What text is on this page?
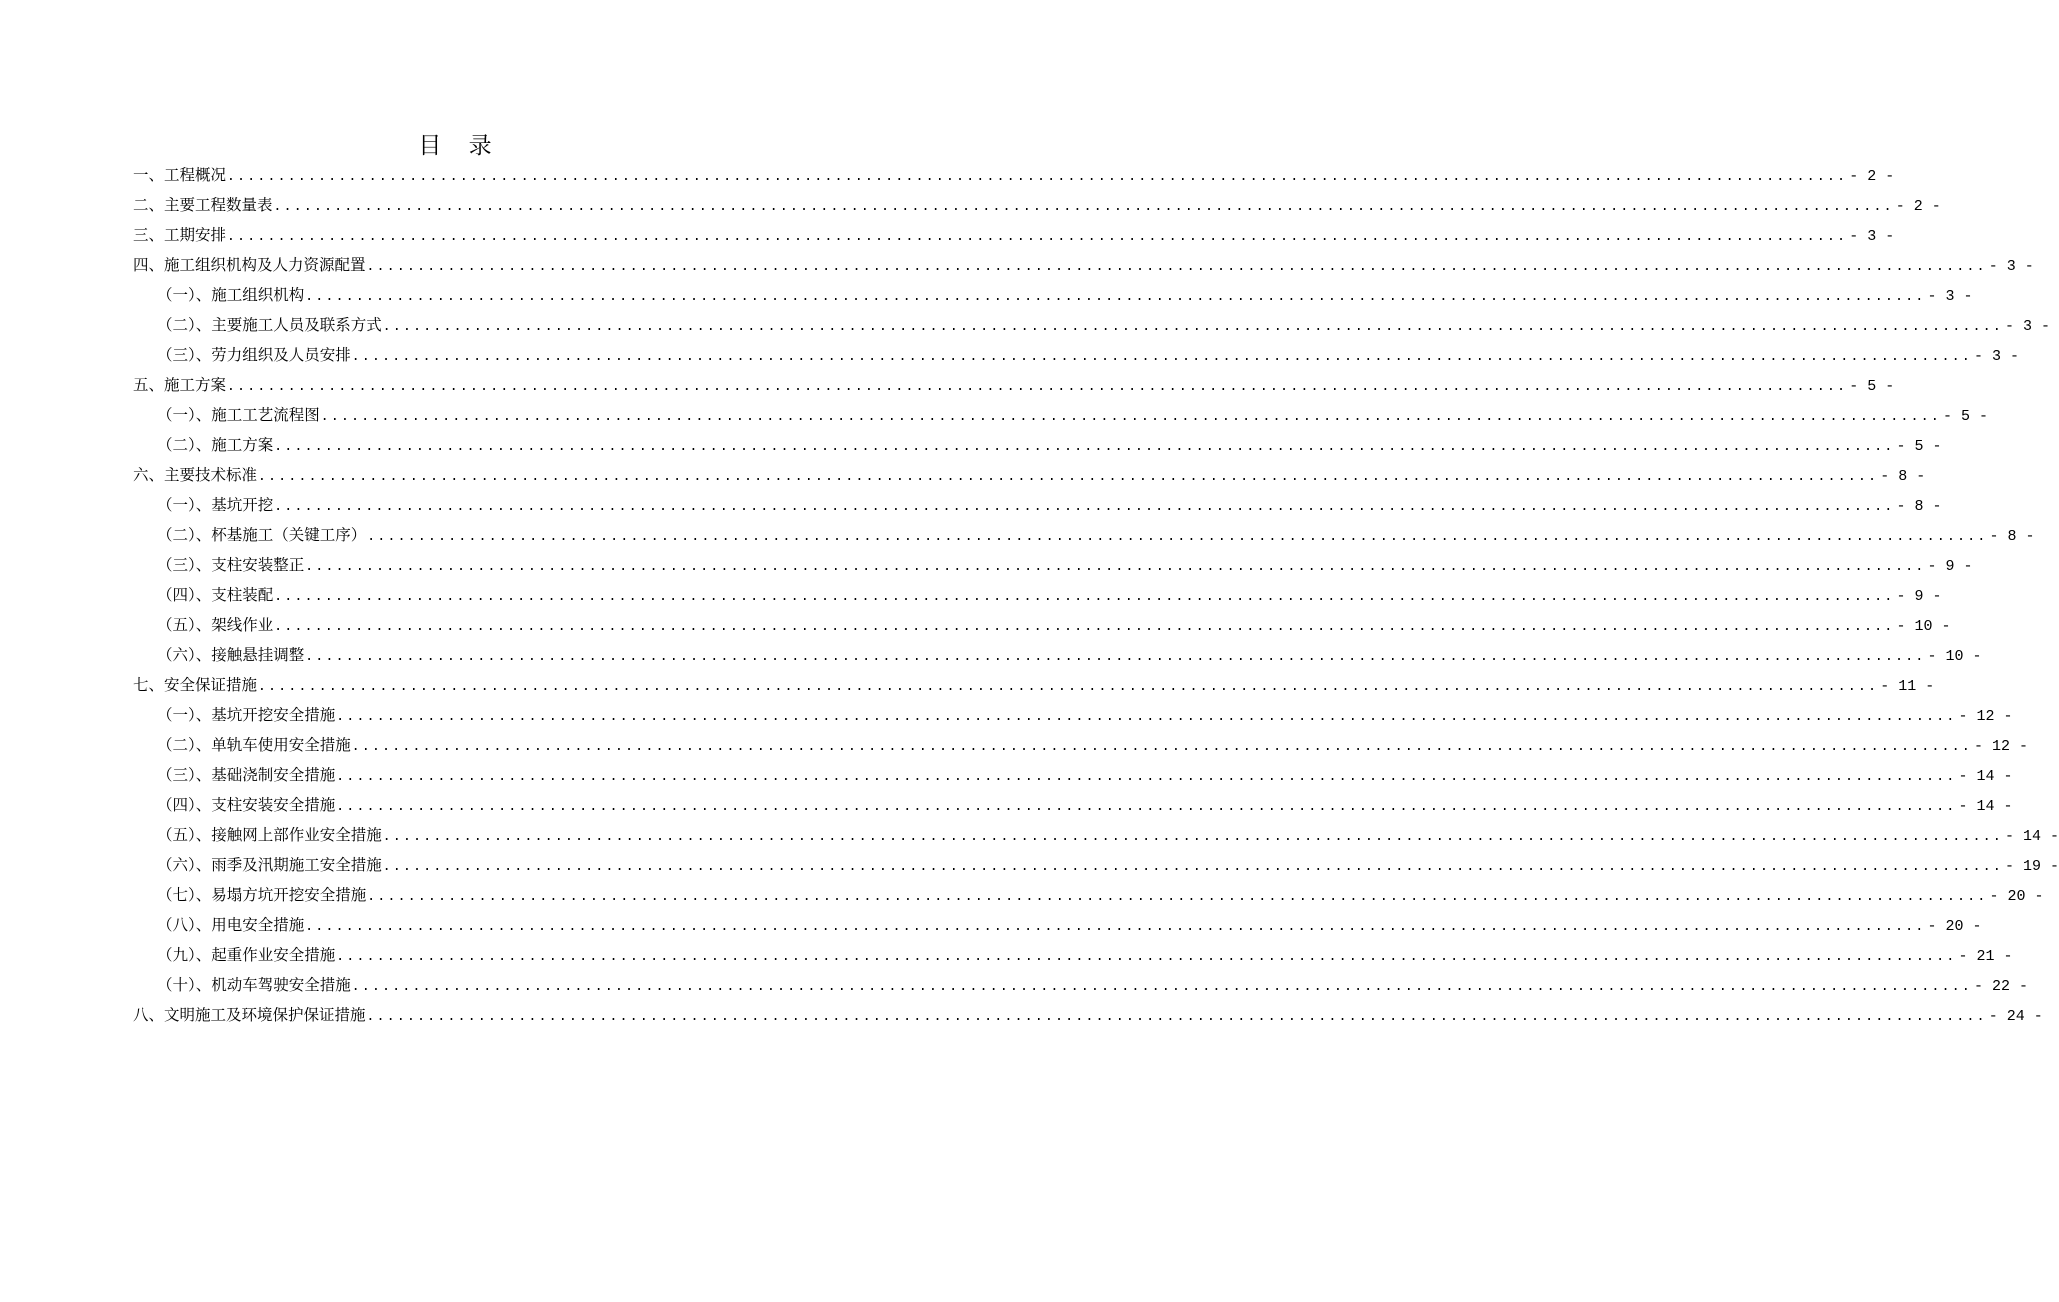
目 录
一、工程概况 ................................................................................................................................................................ - 2 -
二、主要工程数量表 ................................................................................................................................................................ - 2 -
三、工期安排 ................................................................................................................................................................ - 3 -
四、施工组织机构及人力资源配置 ................................................................................................................................................................ - 3 -
（一）、施工组织机构 ................................................................................................................................................................ - 3 -
（二）、主要施工人员及联系方式 ................................................................................................................................................................ - 3 -
（三）、劳力组织及人员安排 ................................................................................................................................................................ - 3 -
五、施工方案 ................................................................................................................................................................ - 5 -
（一）、施工工艺流程图 ................................................................................................................................................................ - 5 -
（二）、施工方案 ................................................................................................................................................................ - 5 -
六、主要技术标准 ................................................................................................................................................................ - 8 -
（一）、基坑开挖 ................................................................................................................................................................ - 8 -
（二）、杯基施工（关键工序） ................................................................................................................................................................ - 8 -
（三）、支柱安装整正 ................................................................................................................................................................ - 9 -
（四）、支柱装配 ................................................................................................................................................................ - 9 -
（五）、架线作业 ................................................................................................................................................................ - 10 -
（六）、接触悬挂调整 ................................................................................................................................................................ - 10 -
七、安全保证措施 ................................................................................................................................................................ - 11 -
（一）、基坑开挖安全措施 ................................................................................................................................................................ - 12 -
（二）、单轨车使用安全措施 ................................................................................................................................................................ - 12 -
（三）、基础浇制安全措施 ................................................................................................................................................................ - 14 -
（四）、支柱安装安全措施 ................................................................................................................................................................ - 14 -
（五）、接触网上部作业安全措施 ................................................................................................................................................................ - 14 -
（六）、雨季及汛期施工安全措施 ................................................................................................................................................................ - 19 -
（七）、易塌方坑开挖安全措施 ................................................................................................................................................................ - 20 -
（八）、用电安全措施 ................................................................................................................................................................ - 20 -
（九）、起重作业安全措施 ................................................................................................................................................................ - 21 -
（十）、机动车驾驶安全措施 ................................................................................................................................................................ - 22 -
八、文明施工及环境保护保证措施 ................................................................................................................................................................ - 24 -
